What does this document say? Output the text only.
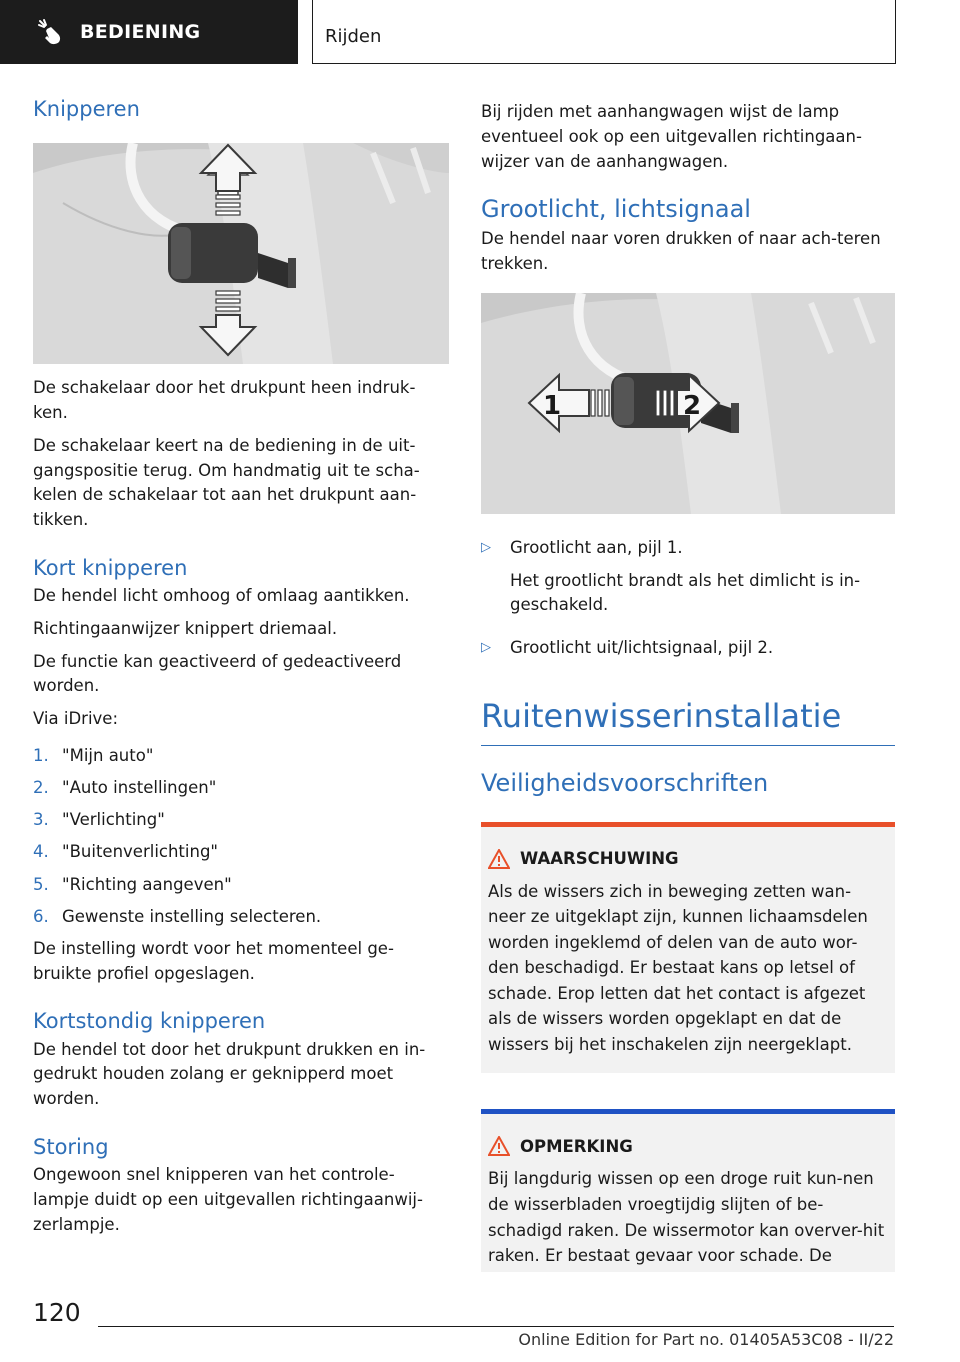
BEDIENING	Rijden
Knipperen

De schakelaar door het drukpunt heen indruk-ken.

De schakelaar keert na de bediening in de uit-gangspositie terug. Om handmatig uit te scha-kelen de schakelaar tot aan het drukpunt aan-tikken.

Kort knipperen

De hendel licht omhoog of omlaag aantikken.

Richtingaanwijzer knippert driemaal.

De functie kan geactiveerd of gedeactiveerd worden.

Via iDrive:

1. "Mijn auto"
2. "Auto instellingen"
3. "Verlichting"
4. "Buitenverlichting"
5. "Richting aangeven"
6. Gewenste instelling selecteren.

De instelling wordt voor het momenteel ge-bruikte profiel opgeslagen.

Kortstondig knipperen

De hendel tot door het drukpunt drukken en in-gedrukt houden zolang er geknipperd moet worden.

Storing

Ongewoon snel knipperen van het controle-lampje duidt op een uitgevallen richtingaanwij-zerlampje.

Bij rijden met aanhangwagen wijst de lamp eventueel ook op een uitgevallen richtingaan-wijzer van de aanhangwagen.

Grootlicht, lichtsignaal

De hendel naar voren drukken of naar ach-teren trekken.

1	2
▷	Grootlicht aan, pijl 1.
Het grootlicht brandt als het dimlicht is in-geschakeld.
▷	Grootlicht uit/lichtsignaal, pijl 2.
Ruitenwisserinstallatie
Veiligheidsvoorschriften
WAARSCHUWING

Als de wissers zich in beweging zetten wan-neer ze uitgeklapt zijn, kunnen lichaamsdelen worden ingeklemd of delen van de auto wor-den beschadigd. Er bestaat kans op letsel of schade. Erop letten dat het contact is afgezet als de wissers worden opgeklapt en dat de wissers bij het inschakelen zijn neergeklapt.

OPMERKING

Bij langdurig wissen op een droge ruit kun-nen de wisserbladen vroegtijdig slijten of be-schadigd raken. De wissermotor kan overver-hit raken. Er bestaat gevaar voor schade. De

120
Online Edition for Part no. 01405A53C08 - II/22
